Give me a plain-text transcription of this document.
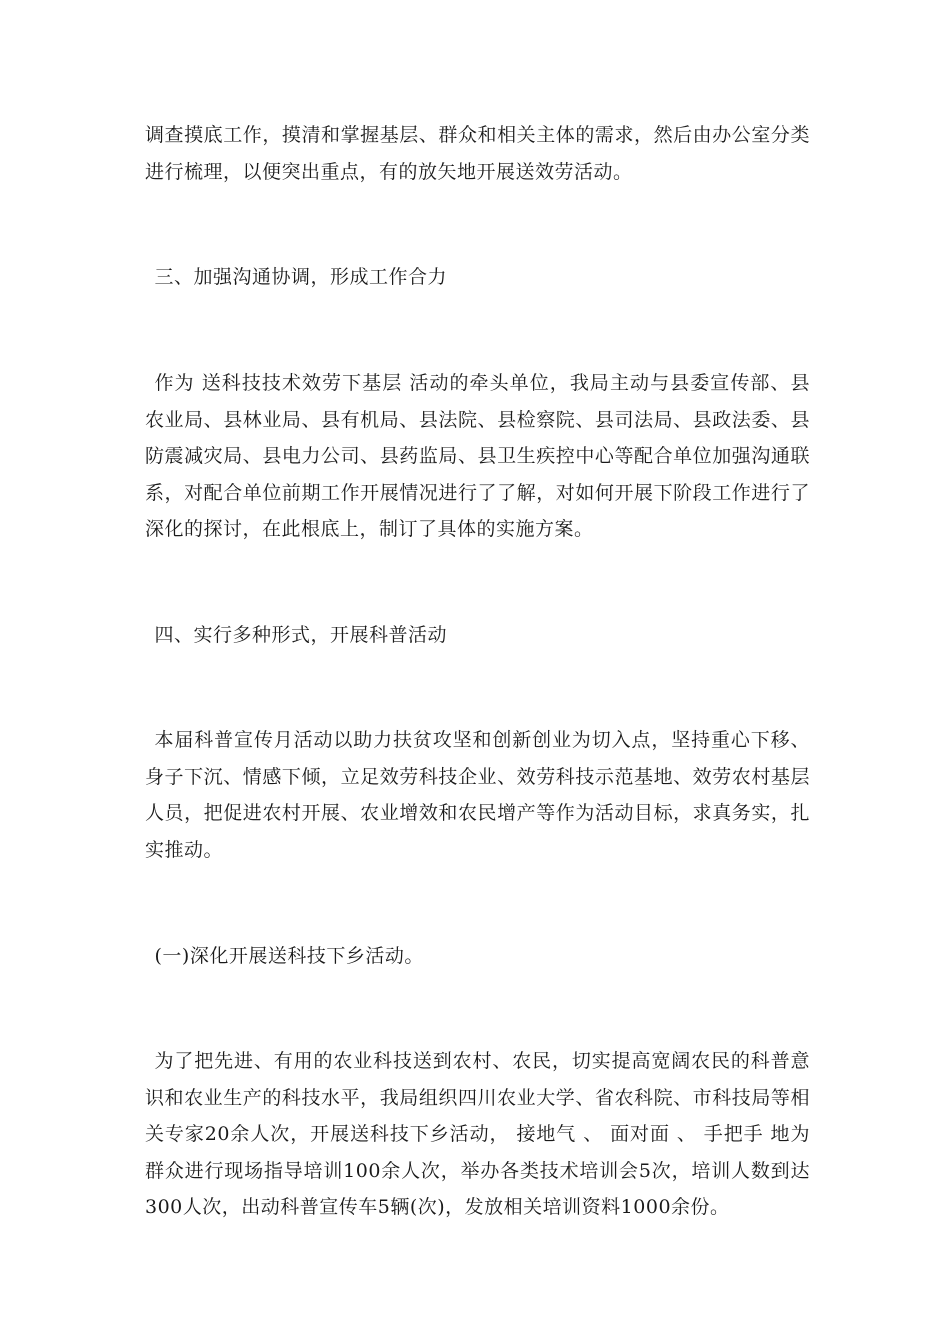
调查摸底工作，摸清和掌握基层、群众和相关主体的需求，然后由办公室分类进行梳理，以便突出重点，有的放矢地开展送效劳活动。

三、加强沟通协调，形成工作合力

作为 送科技技术效劳下基层 活动的牵头单位，我局主动与县委宣传部、县农业局、县林业局、县有机局、县法院、县检察院、县司法局、县政法委、县防震减灾局、县电力公司、县药监局、县卫生疾控中心等配合单位加强沟通联系，对配合单位前期工作开展情况进行了了解，对如何开展下阶段工作进行了深化的探讨，在此根底上，制订了具体的实施方案。

四、实行多种形式，开展科普活动

本届科普宣传月活动以助力扶贫攻坚和创新创业为切入点，坚持重心下移、身子下沉、情感下倾，立足效劳科技企业、效劳科技示范基地、效劳农村基层人员，把促进农村开展、农业增效和农民增产等作为活动目标，求真务实，扎实推动。

(一)深化开展送科技下乡活动。

为了把先进、有用的农业科技送到农村、农民，切实提高宽阔农民的科普意识和农业生产的科技水平，我局组织四川农业大学、省农科院、市科技局等相关专家20余人次，开展送科技下乡活动， 接地气 、 面对面 、 手把手 地为群众进行现场指导培训100余人次，举办各类技术培训会5次，培训人数到达300人次，出动科普宣传车5辆(次)，发放相关培训资料1000余份。
